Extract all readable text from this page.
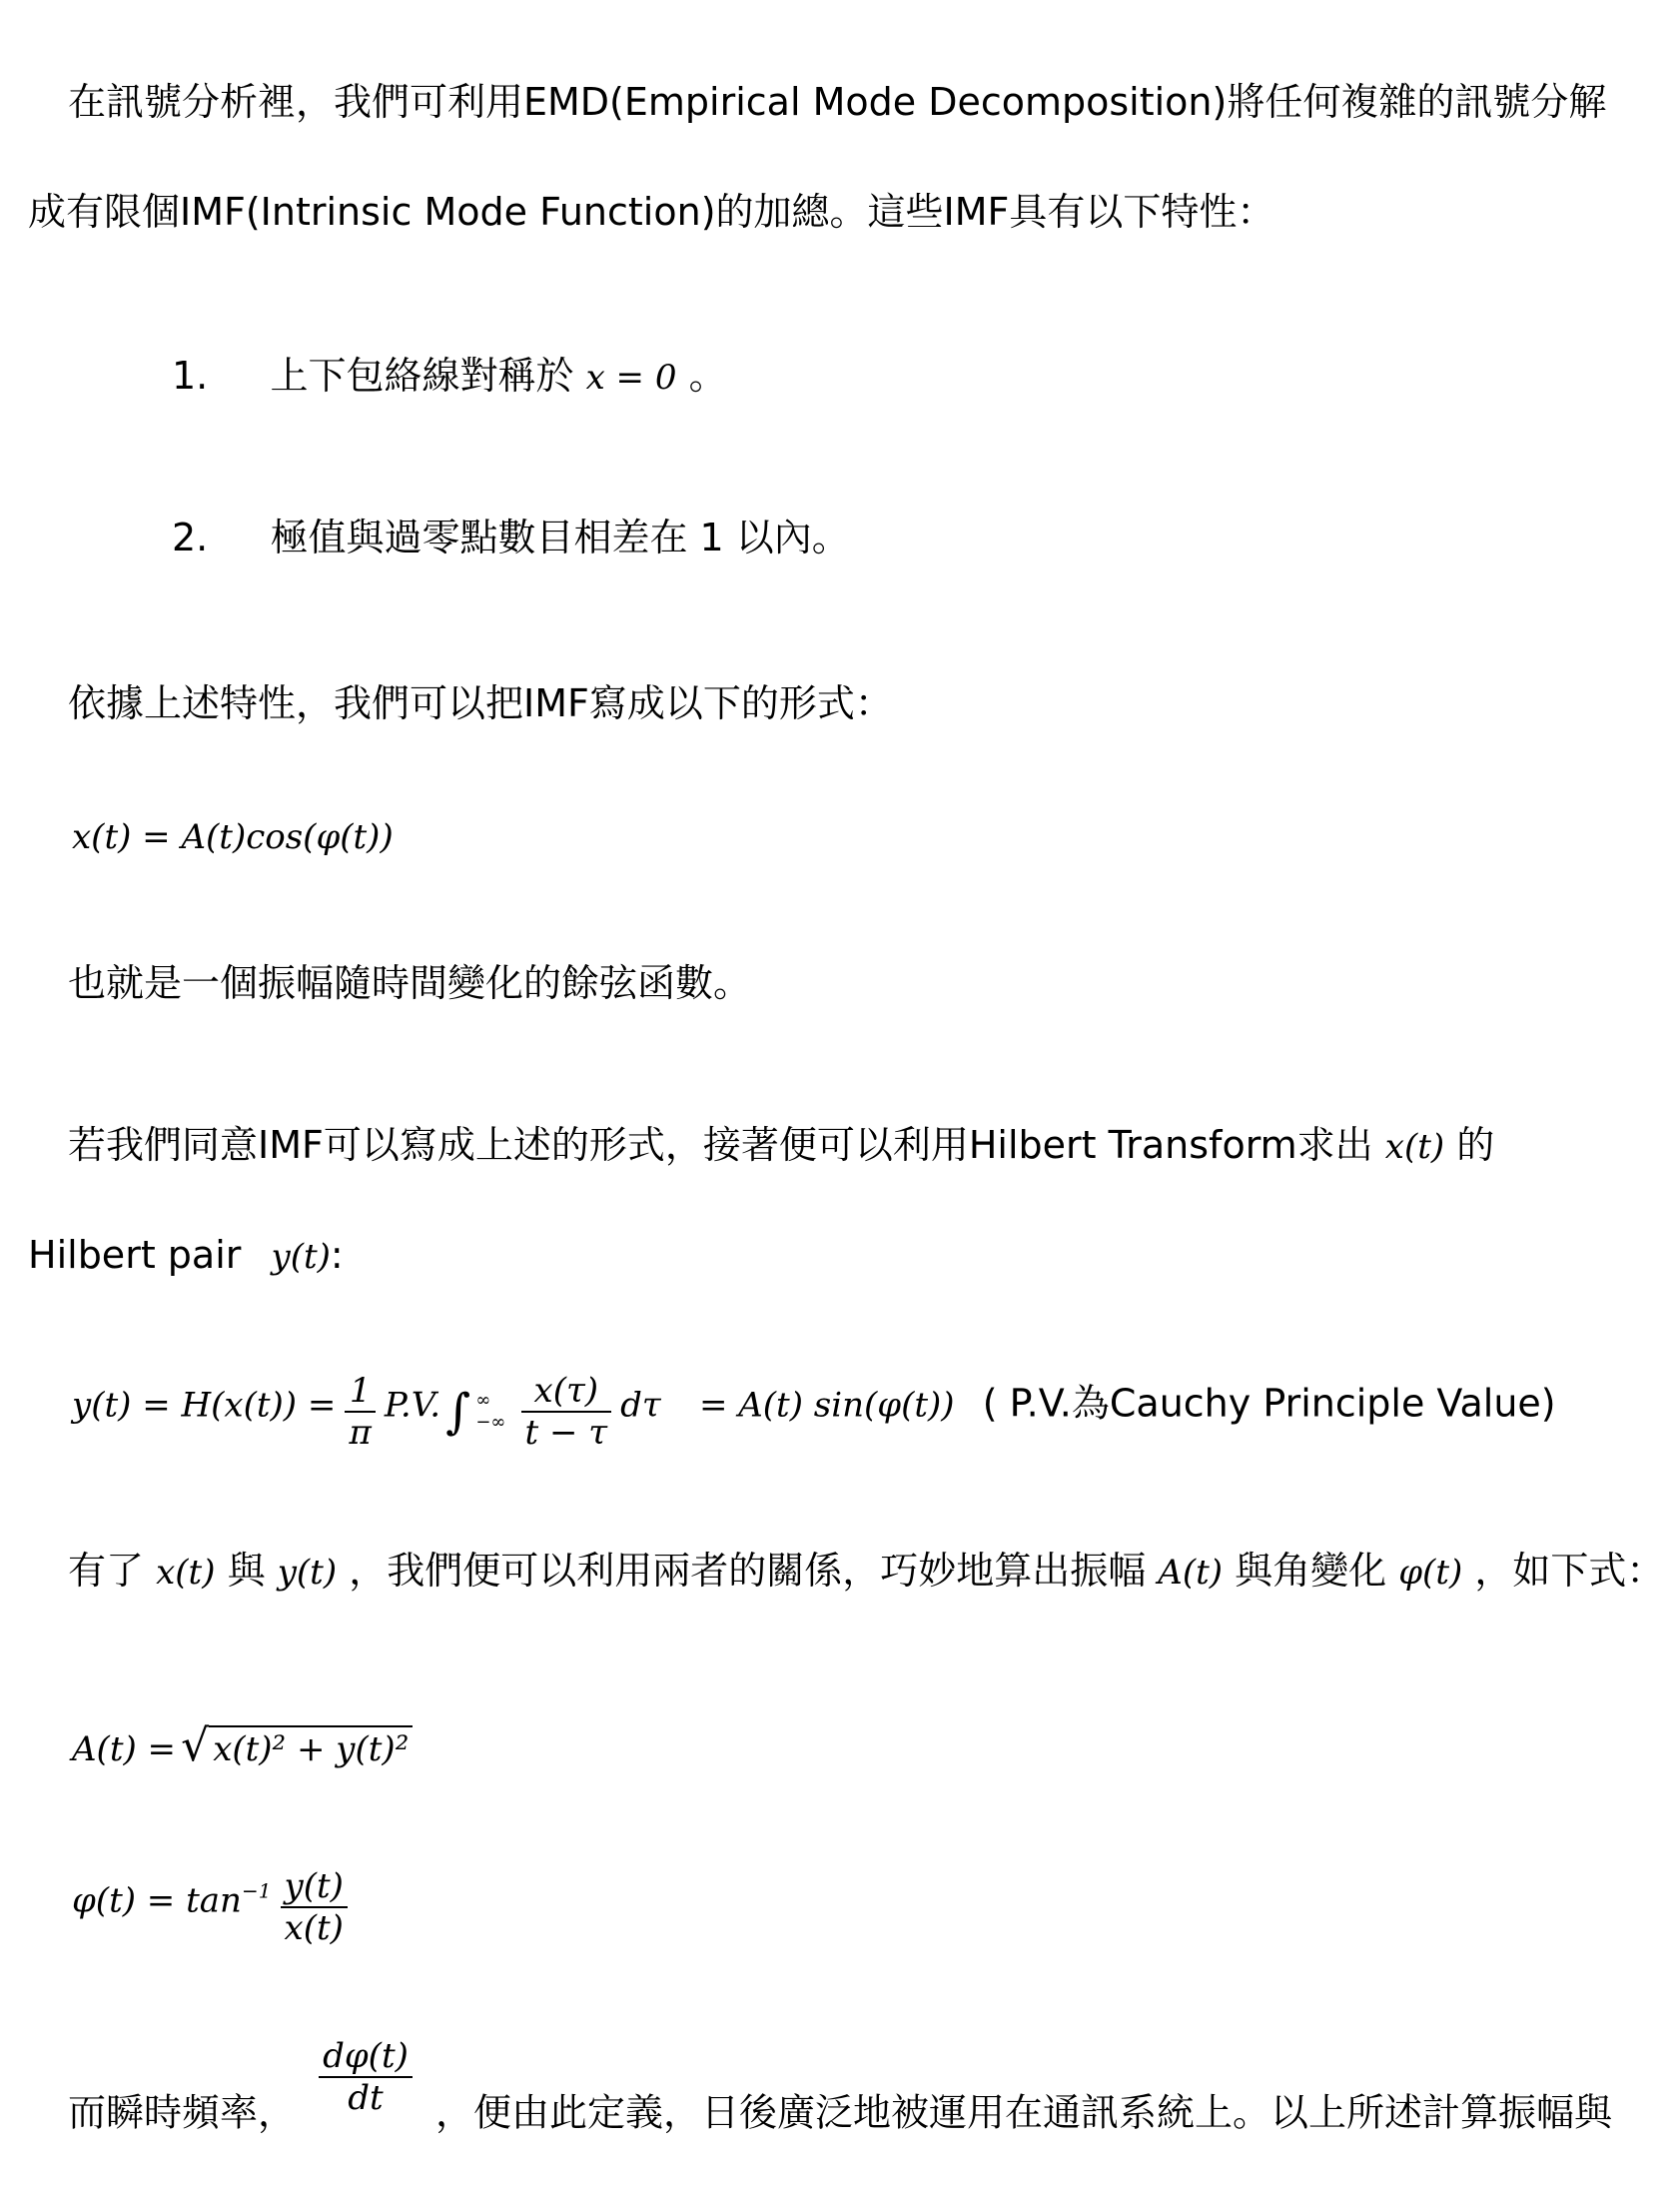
在訊號分析裡，我們可利用EMD(Empirical Mode Decomposition)將任何複雜的訊號分解
成有限個IMF(Intrinsic Mode Function)的加總。這些IMF具有以下特性：
1. 上下包絡線對稱於 x = 0 。
2. 極值與過零點數目相差在 1 以內。
依據上述特性，我們可以把IMF寫成以下的形式：
x(t) = A(t)cos(φ(t))
也就是一個振幅隨時間變化的餘弦函數。
若我們同意IMF可以寫成上述的形式，接著便可以利用Hilbert Transform求出 x(t) 的
Hilbert pair y(t):
$y(t) = H(x(t)) = \frac{1}{\pi} P.V$. ∫ ∞
−∞
$\frac{x(\tau)}{t - \tau}$ dτ = A(t) sin(φ(t)) ( P.V.為Cauchy Principle Value)
有了 x(t) 與 y(t) ，我們便可以利用兩者的關係，巧妙地算出振幅 A(t) 與角變化 φ(t) ，如下式：
A(t) = √ x(t)² + y(t)²
$\varphi(t) = \tan-1 \frac{y(t)}{x(t)}$
而瞬時頻率， $\frac{d\varphi(t)}{dt}$ ，便由此定義，日後廣泛地被運用在通訊系統上。以上所述計算振幅與
